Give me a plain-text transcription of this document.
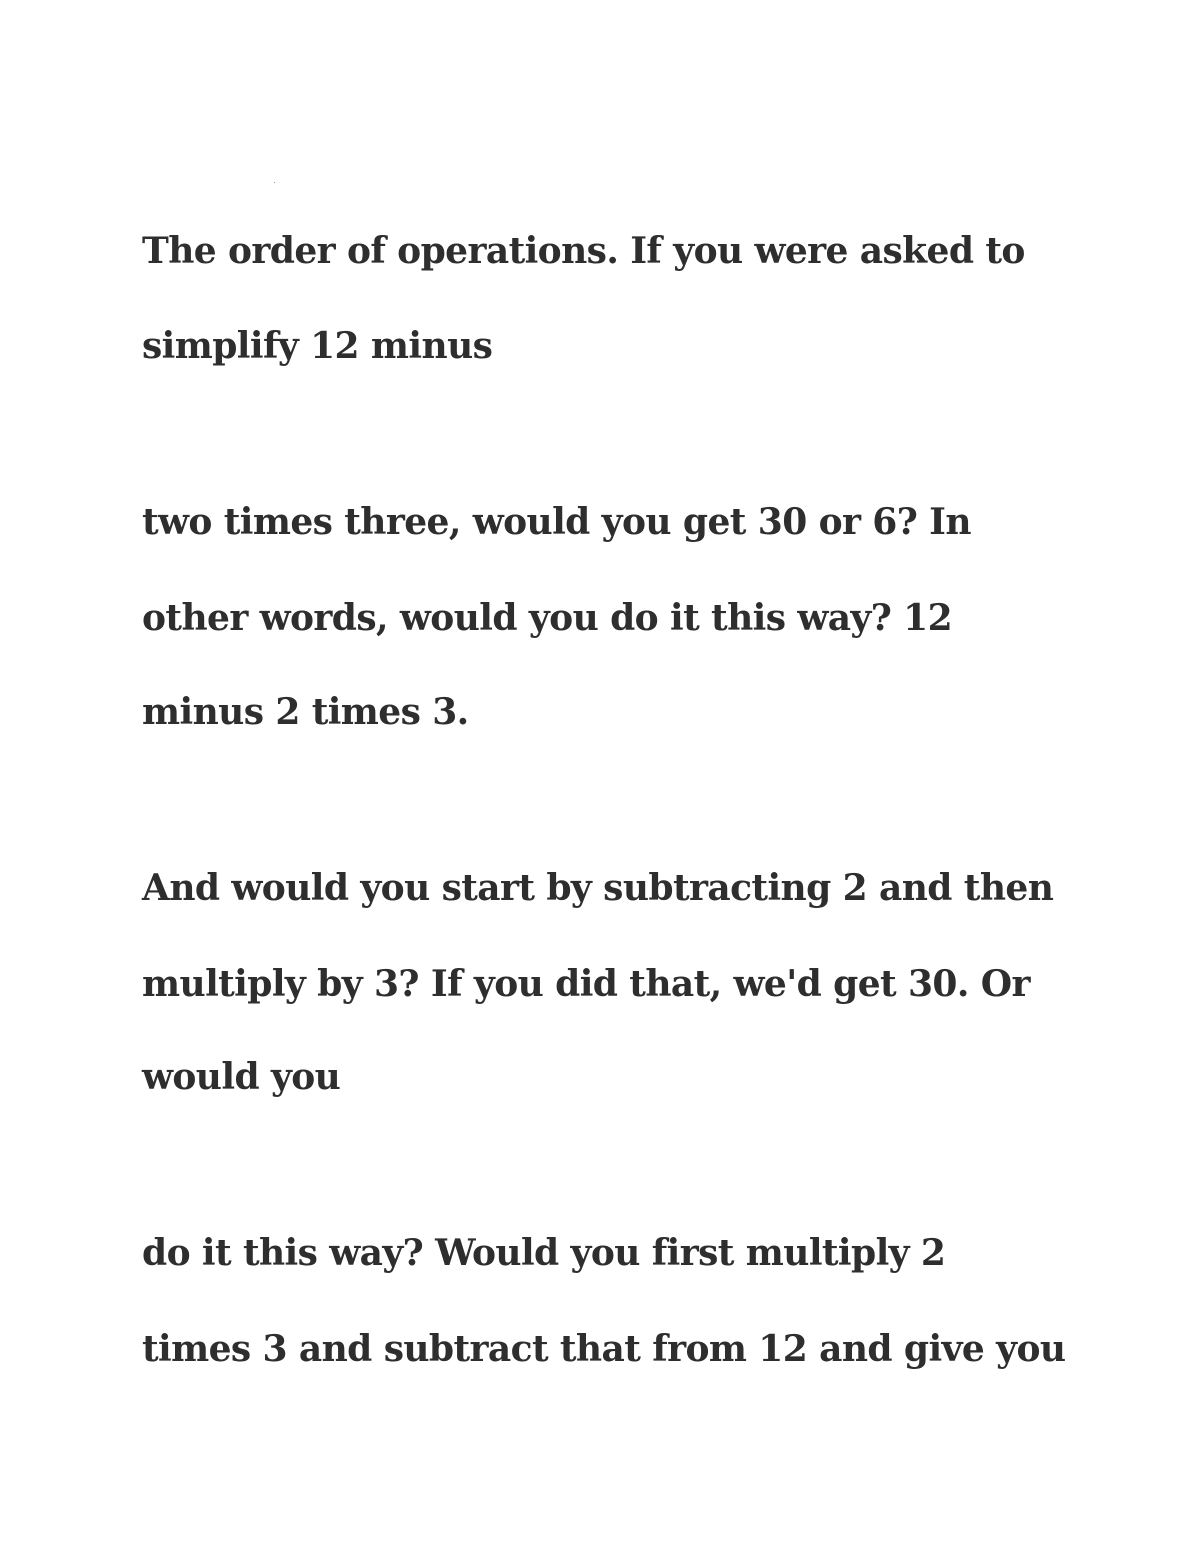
The order of operations. If you were asked to

simplify 12 minus

two times three, would you get 30 or 6? In

other words, would you do it this way? 12

minus 2 times 3.

And would you start by subtracting 2 and then

multiply by 3? If you did that, we'd get 30. Or

would you

do it this way? Would you first multiply 2

times 3 and subtract that from 12 and give you
